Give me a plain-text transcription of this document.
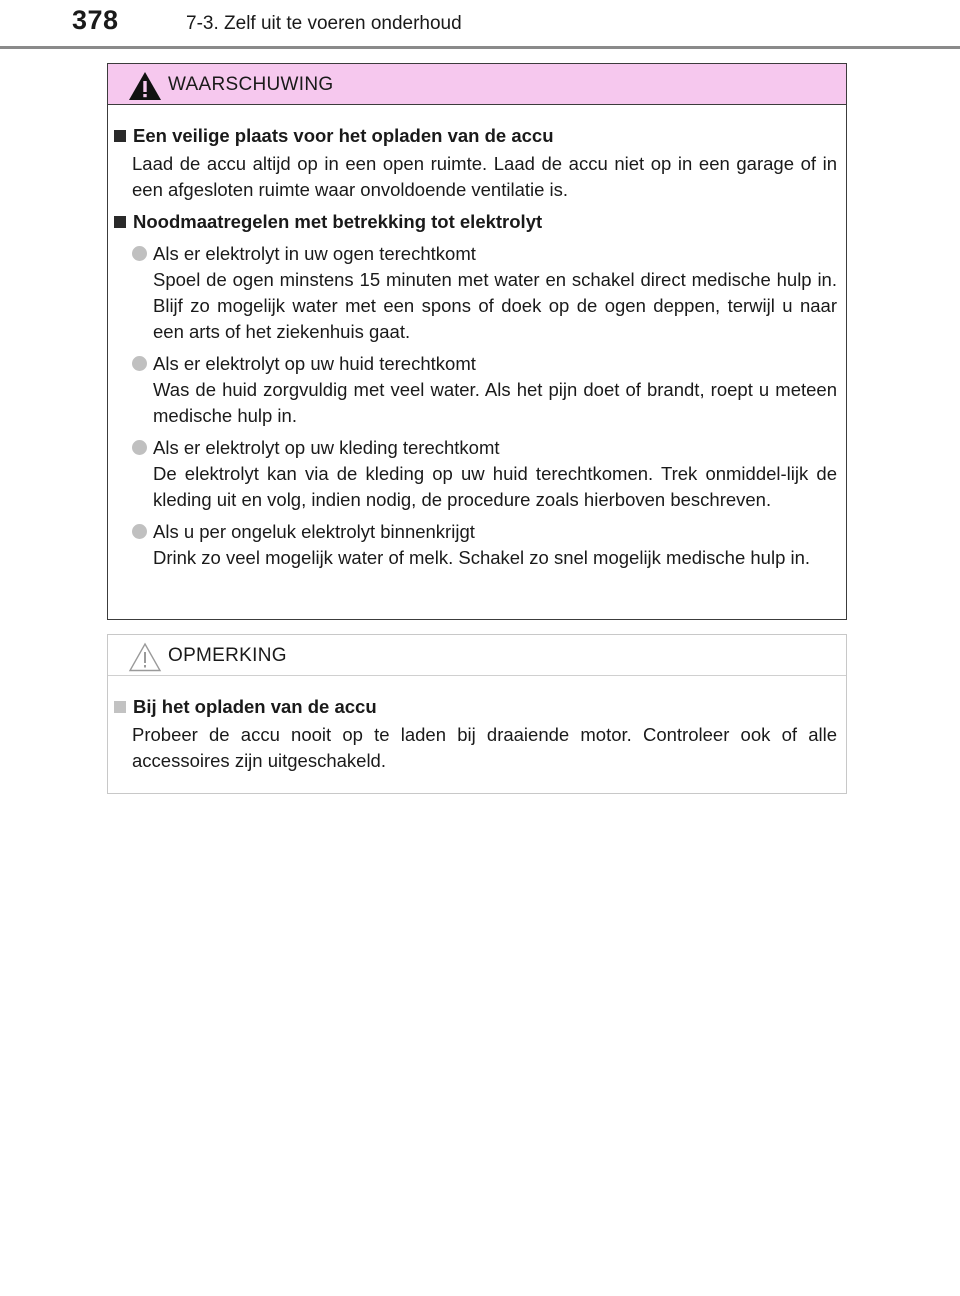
378	7-3. Zelf uit te voeren onderhoud
WAARSCHUWING
Een veilige plaats voor het opladen van de accu
Laad de accu altijd op in een open ruimte. Laad de accu niet op in een garage of in een afgesloten ruimte waar onvoldoende ventilatie is.
Noodmaatregelen met betrekking tot elektrolyt
Als er elektrolyt in uw ogen terechtkomt
Spoel de ogen minstens 15 minuten met water en schakel direct medische hulp in. Blijf zo mogelijk water met een spons of doek op de ogen deppen, terwijl u naar een arts of het ziekenhuis gaat.
Als er elektrolyt op uw huid terechtkomt
Was de huid zorgvuldig met veel water. Als het pijn doet of brandt, roept u meteen medische hulp in.
Als er elektrolyt op uw kleding terechtkomt
De elektrolyt kan via de kleding op uw huid terechtkomen. Trek onmiddel-lijk de kleding uit en volg, indien nodig, de procedure zoals hierboven beschreven.
Als u per ongeluk elektrolyt binnenkrijgt
Drink zo veel mogelijk water of melk. Schakel zo snel mogelijk medische hulp in.
OPMERKING
Bij het opladen van de accu
Probeer de accu nooit op te laden bij draaiende motor. Controleer ook of alle accessoires zijn uitgeschakeld.
